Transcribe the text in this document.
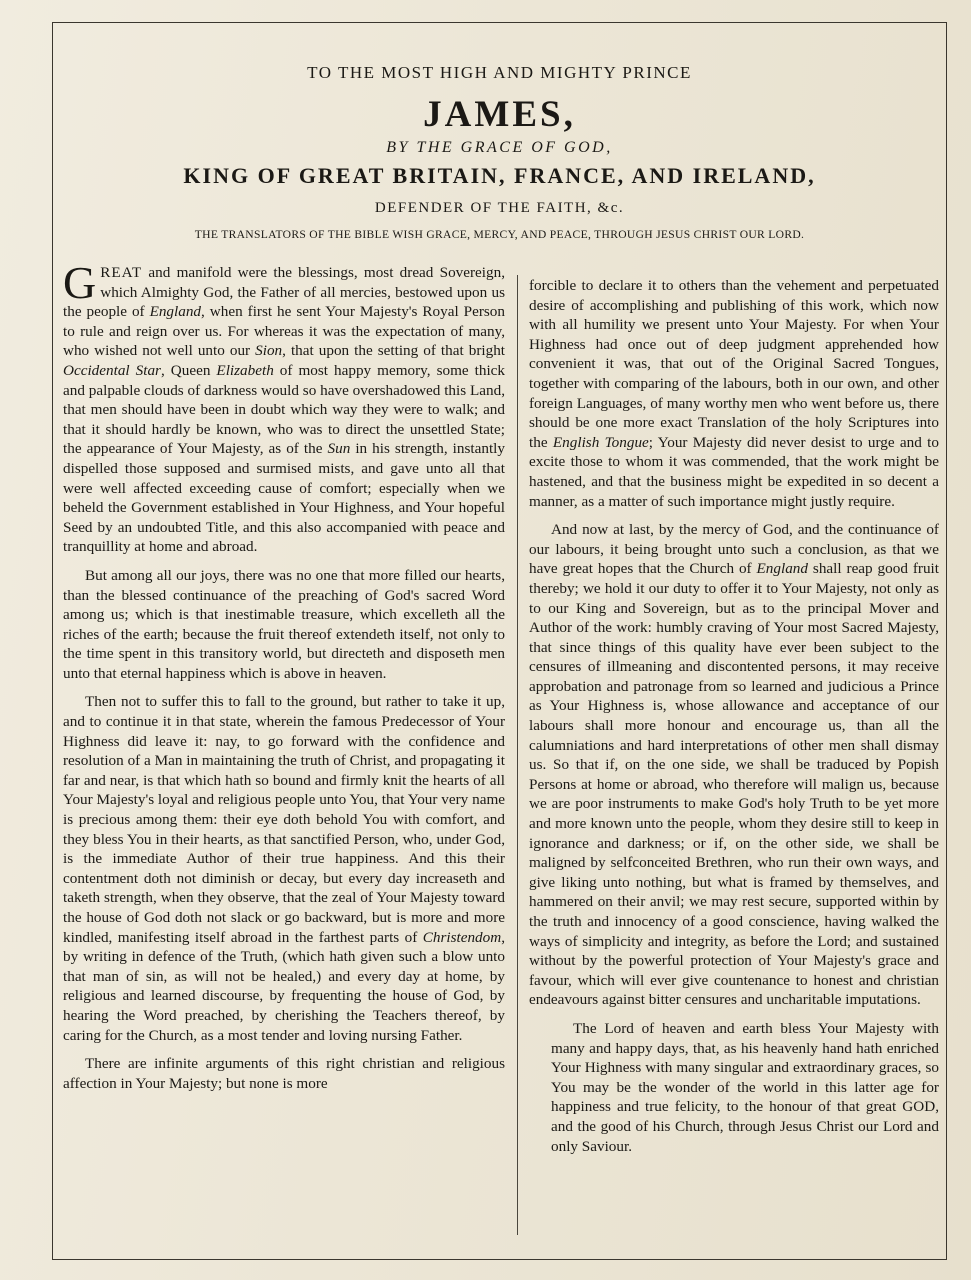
TO THE MOST HIGH AND MIGHTY PRINCE
JAMES,
BY THE GRACE OF GOD,
KING OF GREAT BRITAIN, FRANCE, AND IRELAND,
DEFENDER OF THE FAITH, &c.
THE TRANSLATORS OF THE BIBLE WISH GRACE, MERCY, AND PEACE, THROUGH JESUS CHRIST OUR LORD.

GREAT and manifold were the blessings, most dread Sovereign, which Almighty God, the Father of all mercies, bestowed upon us the people of England, when first he sent Your Majesty's Royal Person to rule and reign over us. For whereas it was the expectation of many, who wished not well unto our Sion, that upon the setting of that bright Occidental Star, Queen Elizabeth of most happy memory, some thick and palpable clouds of darkness would so have overshadowed this Land, that men should have been in doubt which way they were to walk; and that it should hardly be known, who was to direct the unsettled State; the appearance of Your Majesty, as of the Sun in his strength, instantly dispelled those supposed and surmised mists, and gave unto all that were well affected exceeding cause of comfort; especially when we beheld the Government established in Your Highness, and Your hopeful Seed by an undoubted Title, and this also accompanied with peace and tranquillity at home and abroad.

But among all our joys, there was no one that more filled our hearts, than the blessed continuance of the preaching of God's sacred Word among us; which is that inestimable treasure, which excelleth all the riches of the earth; because the fruit thereof extendeth itself, not only to the time spent in this transitory world, but directeth and disposeth men unto that eternal happiness which is above in heaven.

Then not to suffer this to fall to the ground, but rather to take it up, and to continue it in that state, wherein the famous Predecessor of Your Highness did leave it: nay, to go forward with the confidence and resolution of a Man in maintaining the truth of Christ, and propagating it far and near, is that which hath so bound and firmly knit the hearts of all Your Majesty's loyal and religious people unto You, that Your very name is precious among them: their eye doth behold You with comfort, and they bless You in their hearts, as that sanctified Person, who, under God, is the immediate Author of their true happiness. And this their contentment doth not diminish or decay, but every day increaseth and taketh strength, when they observe, that the zeal of Your Majesty toward the house of God doth not slack or go backward, but is more and more kindled, manifesting itself abroad in the farthest parts of Christendom, by writing in defence of the Truth, (which hath given such a blow unto that man of sin, as will not be healed,) and every day at home, by religious and learned discourse, by frequenting the house of God, by hearing the Word preached, by cherishing the Teachers thereof, by caring for the Church, as a most tender and loving nursing Father.

There are infinite arguments of this right christian and religious affection in Your Majesty; but none is more

forcible to declare it to others than the vehement and perpetuated desire of accomplishing and publishing of this work, which now with all humility we present unto Your Majesty. For when Your Highness had once out of deep judgment apprehended how convenient it was, that out of the Original Sacred Tongues, together with comparing of the labours, both in our own, and other foreign Languages, of many worthy men who went before us, there should be one more exact Translation of the holy Scriptures into the English Tongue; Your Majesty did never desist to urge and to excite those to whom it was commended, that the work might be hastened, and that the business might be expedited in so decent a manner, as a matter of such importance might justly require.

And now at last, by the mercy of God, and the continuance of our labours, it being brought unto such a conclusion, as that we have great hopes that the Church of England shall reap good fruit thereby; we hold it our duty to offer it to Your Majesty, not only as to our King and Sovereign, but as to the principal Mover and Author of the work: humbly craving of Your most Sacred Majesty, that since things of this quality have ever been subject to the censures of illmeaning and discontented persons, it may receive approbation and patronage from so learned and judicious a Prince as Your Highness is, whose allowance and acceptance of our labours shall more honour and encourage us, than all the calumniations and hard interpretations of other men shall dismay us. So that if, on the one side, we shall be traduced by Popish Persons at home or abroad, who therefore will malign us, because we are poor instruments to make God's holy Truth to be yet more and more known unto the people, whom they desire still to keep in ignorance and darkness; or if, on the other side, we shall be maligned by selfconceited Brethren, who run their own ways, and give liking unto nothing, but what is framed by themselves, and hammered on their anvil; we may rest secure, supported within by the truth and innocency of a good conscience, having walked the ways of simplicity and integrity, as before the Lord; and sustained without by the powerful protection of Your Majesty's grace and favour, which will ever give countenance to honest and christian endeavours against bitter censures and uncharitable imputations.

The Lord of heaven and earth bless Your Majesty with many and happy days, that, as his heavenly hand hath enriched Your Highness with many singular and extraordinary graces, so You may be the wonder of the world in this latter age for happiness and true felicity, to the honour of that great GOD, and the good of his Church, through Jesus Christ our Lord and only Saviour.
